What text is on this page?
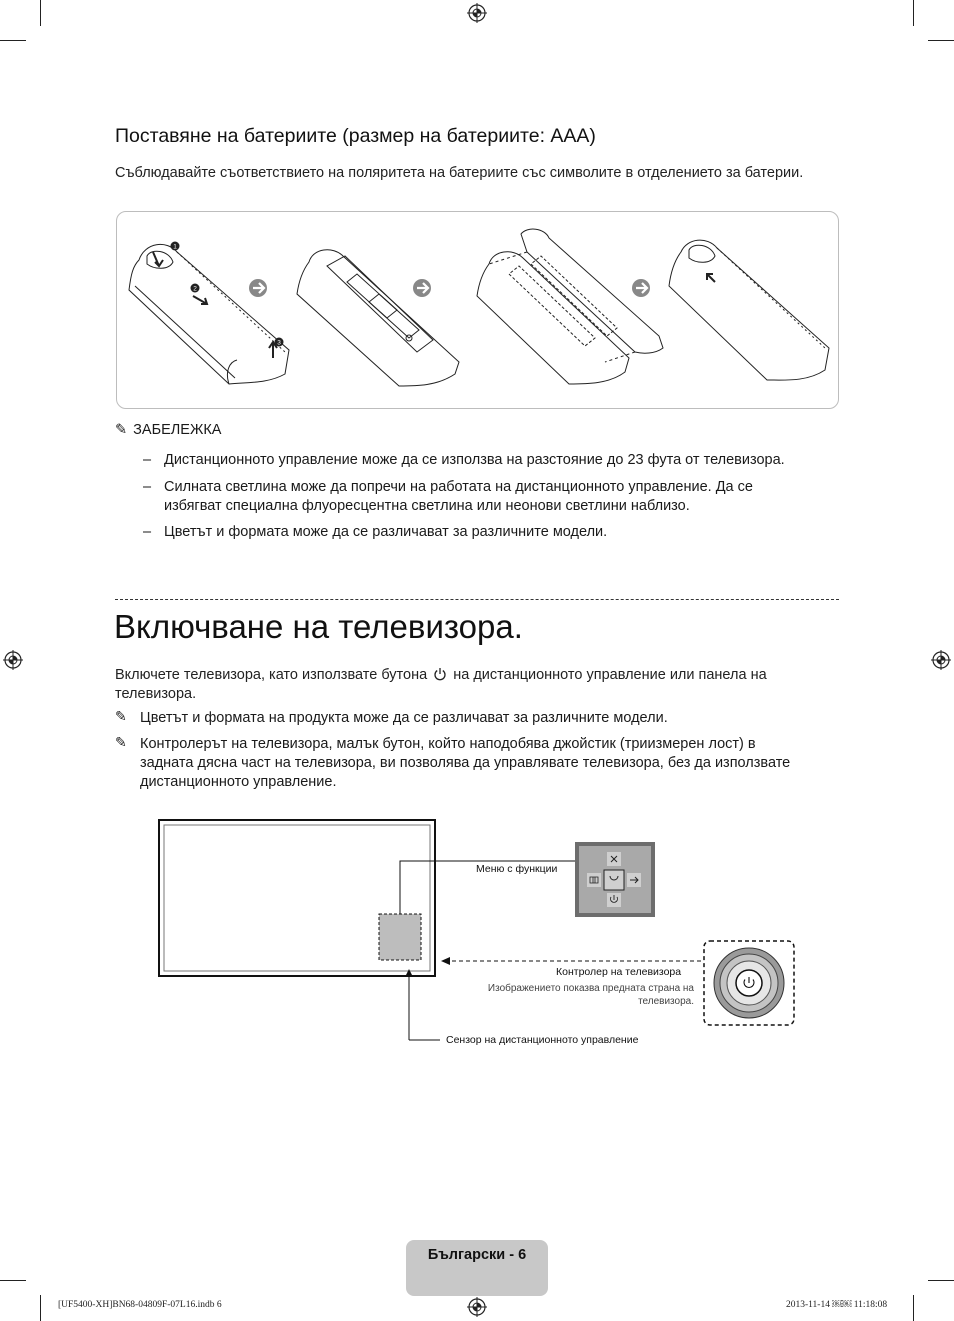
Поставяне на батериите (размер на батериите: AAA)
Съблюдавайте съответствието на поляритета на батериите със символите в отделението за батерии.
1
2
3
✎ ЗАБЕЛЕЖКА
– Дистанционното управление може да се използва на разстояние до 23 фута от телевизора.
– Силната светлина може да попречи на работата на дистанционното управление. Да се избягват специална флуоресцентна светлина или неонови светлини наблизо.
– Цветът и формата може да се различават за различните модели.
Включване на телевизора.
Включете телевизора, като използвате бутона на дистанционното управление или панела на телевизора.
✎ Цветът и формата на продукта може да се различават за различните модели.
✎ Контролерът на телевизора, малък бутон, който наподобява джойстик (триизмерен лост) в задната дясна част на телевизора, ви позволява да управлявате телевизора, без да използвате дистанционното управление.
Меню с функции
Контролер на телевизора
Изображението показва предната страна на телевизора.
Сензор на дистанционното управление
Български - 6
[UF5400-XH]BN68-04809F-07L16.indb 6	2013-11-14 ￼￼ 11:18:08
